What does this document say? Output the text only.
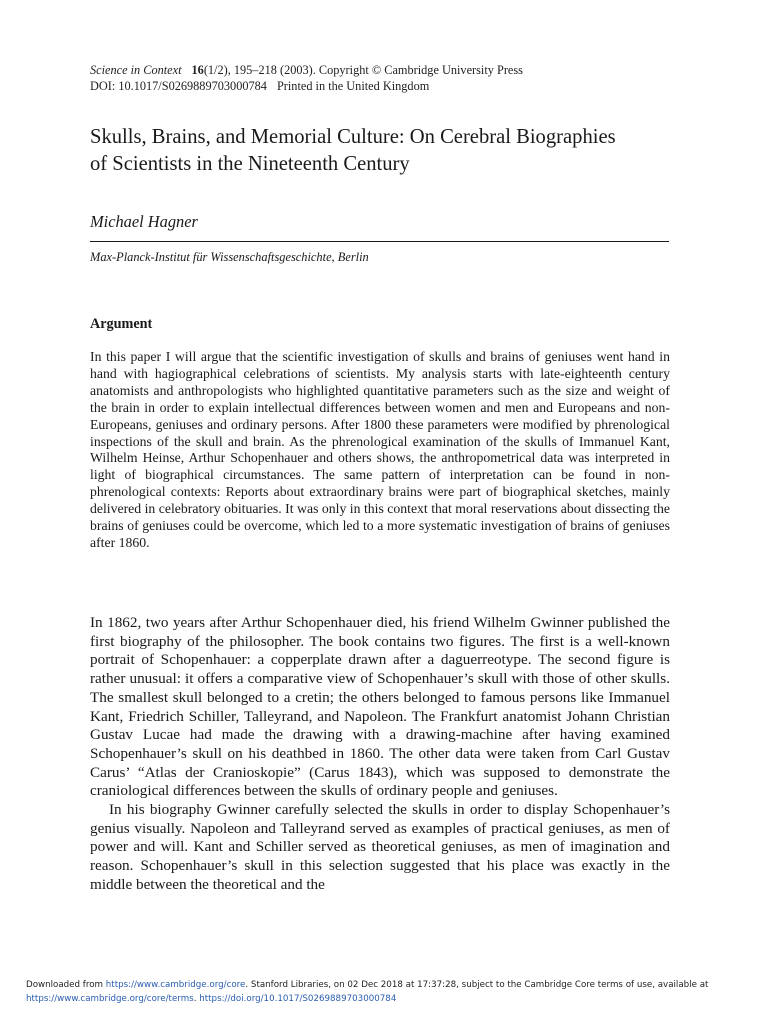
Science in Context 16(1/2), 195–218 (2003). Copyright © Cambridge University Press
DOI: 10.1017/S0269889703000784 Printed in the United Kingdom
Skulls, Brains, and Memorial Culture: On Cerebral Biographies
of Scientists in the Nineteenth Century
Michael Hagner
Max-Planck-Institut für Wissenschaftsgeschichte, Berlin
Argument

In this paper I will argue that the scientific investigation of skulls and brains of geniuses went hand in hand with hagiographical celebrations of scientists. My analysis starts with late-eighteenth century anatomists and anthropologists who highlighted quantitative parameters such as the size and weight of the brain in order to explain intellectual differences between women and men and Europeans and non-Europeans, geniuses and ordinary persons. After 1800 these parameters were modified by phrenological inspections of the skull and brain. As the phrenological examination of the skulls of Immanuel Kant, Wilhelm Heinse, Arthur Schopenhauer and others shows, the anthropometrical data was interpreted in light of biographical circumstances. The same pattern of interpretation can be found in non-phrenological contexts: Reports about extraordinary brains were part of biographical sketches, mainly delivered in celebratory obituaries. It was only in this context that moral reservations about dissecting the brains of geniuses could be overcome, which led to a more systematic investigation of brains of geniuses after 1860.

In 1862, two years after Arthur Schopenhauer died, his friend Wilhelm Gwinner published the first biography of the philosopher. The book contains two figures. The first is a well-known portrait of Schopenhauer: a copperplate drawn after a daguerreotype. The second figure is rather unusual: it offers a comparative view of Schopenhauer’s skull with those of other skulls. The smallest skull belonged to a cretin; the others belonged to famous persons like Immanuel Kant, Friedrich Schiller, Talleyrand, and Napoleon. The Frankfurt anatomist Johann Christian Gustav Lucae had made the drawing with a drawing-machine after having examined Schopenhauer’s skull on his deathbed in 1860. The other data were taken from Carl Gustav Carus’ “Atlas der Cranioskopie” (Carus 1843), which was supposed to demonstrate the craniological differences between the skulls of ordinary people and geniuses.

In his biography Gwinner carefully selected the skulls in order to display Schopenhauer’s genius visually. Napoleon and Talleyrand served as examples of practical geniuses, as men of power and will. Kant and Schiller served as theoretical geniuses, as men of imagination and reason. Schopenhauer’s skull in this selection suggested that his place was exactly in the middle between the theoretical and the

Downloaded from https://www.cambridge.org/core. Stanford Libraries, on 02 Dec 2018 at 17:37:28, subject to the Cambridge Core terms of use, available at
https://www.cambridge.org/core/terms. https://doi.org/10.1017/S0269889703000784
